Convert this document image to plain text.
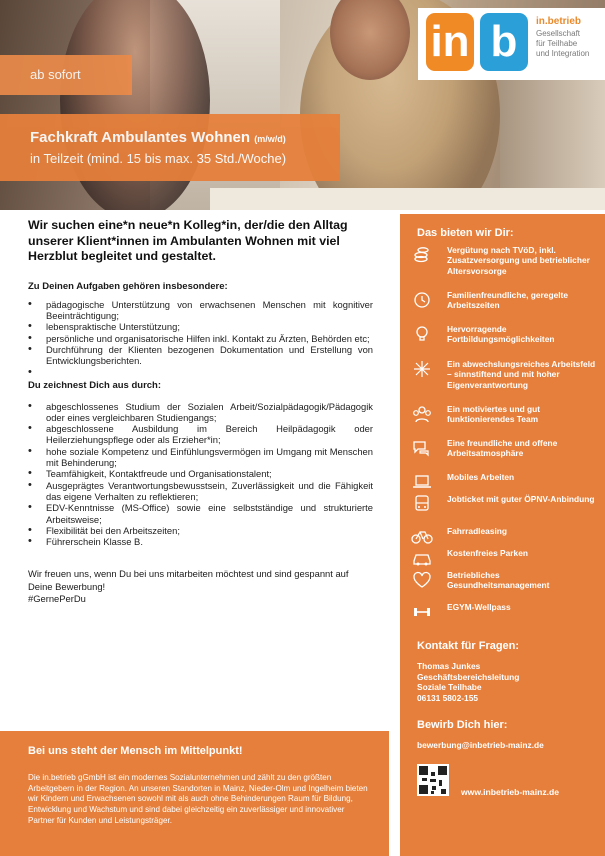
ab sofort
Fachkraft Ambulantes Wohnen (m/w/d)
in Teilzeit (mind. 15 bis max. 35 Std./Woche)
in b	in.betrieb
Gesellschaft
für Teilhabe
und Integration
Wir suchen eine*n neue*n Kolleg*in, der/die den Alltag unserer Klient*innen im Ambulanten Wohnen mit viel Herzblut begleitet und gestaltet.
Zu Deinen Aufgaben gehören insbesondere:
• pädagogische Unterstützung von erwachsenen Menschen mit kognitiver Beeinträchtigung;
• lebenspraktische Unterstützung;
• persönliche und organisatorische Hilfen inkl. Kontakt zu Ärzten, Behörden etc;
• Durchführung der Klienten bezogenen Dokumentation und Erstellung von Entwicklungsberichten.
•
Du zeichnest Dich aus durch:
• abgeschlossenes Studium der Sozialen Arbeit/Sozialpädagogik/Pädagogik oder eines vergleichbaren Studiengangs;
• abgeschlossene Ausbildung im Bereich Heilpädagogik oder Heilerziehungspflege oder als Erzieher*in;
• hohe soziale Kompetenz und Einfühlungsvermögen im Umgang mit Menschen mit Behinderung;
• Teamfähigkeit, Kontaktfreude und Organisationstalent;
• Ausgeprägtes Verantwortungsbewusstsein, Zuverlässigkeit und die Fähigkeit das eigene Verhalten zu reflektieren;
• EDV-Kenntnisse (MS-Office) sowie eine selbstständige und strukturierte Arbeitsweise;
• Flexibilität bei den Arbeitszeiten;
• Führerschein Klasse B.
Wir freuen uns, wenn Du bei uns mitarbeiten möchtest und sind gespannt auf Deine Bewerbung!
#GernePerDu
Bei uns steht der Mensch im Mittelpunkt!

Die in.betrieb gGmbH ist ein modernes Sozialunternehmen und zählt zu den größten Arbeitgebern in der Region. An unseren Standorten in Mainz, Nieder-Olm und Ingelheim bieten wir Kindern und Erwachsenen sowohl mit als auch ohne Behinderungen Raum für Bildung, Entwicklung und Wachstum und sind dabei gleichzeitig ein zuverlässiger und innovativer Partner für Kunden und Leistungsträger.

Das bieten wir Dir:
Vergütung nach TVöD, inkl. Zusatzversorgung und betrieblicher Altersvorsorge
Familienfreundliche, geregelte Arbeitszeiten
Hervorragende Fortbildungsmöglichkeiten
Ein abwechslungsreiches Arbeitsfeld – sinnstiftend und mit hoher Eigenverantwortung
Ein motiviertes und gut funktionierendes Team
Eine freundliche und offene Arbeitsatmosphäre
Mobiles Arbeiten
Jobticket mit guter ÖPNV-Anbindung
Fahrradleasing
Kostenfreies Parken
Betriebliches Gesundheitsmanagement
EGYM-Wellpass
Kontakt für Fragen:
Thomas Junkes
Geschäftsbereichsleitung
Soziale Teilhabe
06131 5802-155
Bewirb Dich hier:
bewerbung@inbetrieb-mainz.de
www.inbetrieb-mainz.de
